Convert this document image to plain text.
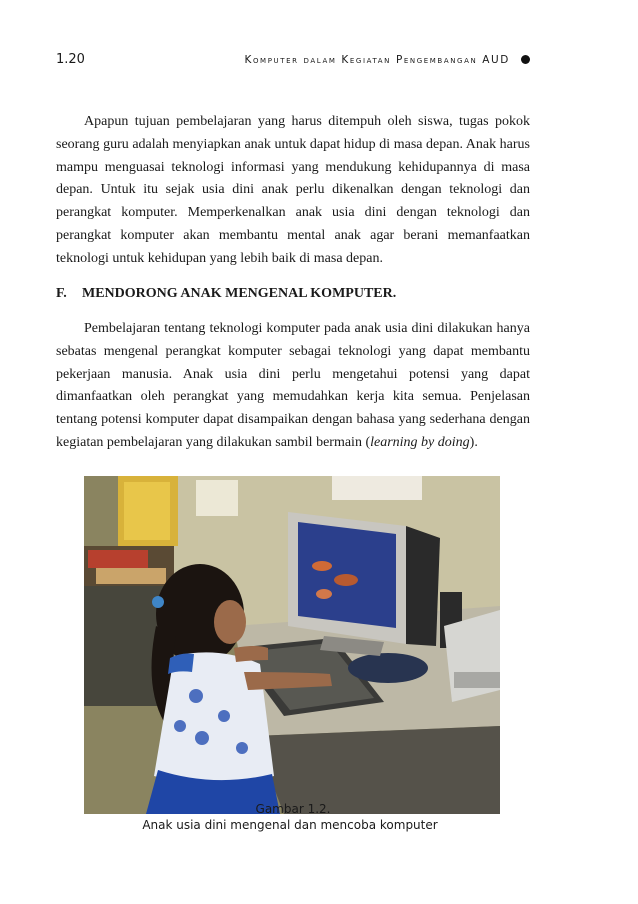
1.20	Komputer dalam Kegiatan Pengembangan AUD

Apapun tujuan pembelajaran yang harus ditempuh oleh siswa, tugas pokok seorang guru adalah menyiapkan anak untuk dapat hidup di masa depan. Anak harus mampu menguasai teknologi informasi yang mendukung kehidupannya di masa depan. Untuk itu sejak usia dini anak perlu dikenalkan dengan teknologi dan perangkat komputer. Memperkenalkan anak usia dini dengan teknologi dan perangkat komputer akan membantu mental anak agar berani memanfaatkan teknologi untuk kehidupan yang lebih baik di masa depan.

F.	MENDORONG ANAK MENGENAL KOMPUTER.

Pembelajaran tentang teknologi komputer pada anak usia dini dilakukan hanya sebatas mengenal perangkat komputer sebagai teknologi yang dapat membantu pekerjaan manusia. Anak usia dini perlu mengetahui potensi yang dapat dimanfaatkan oleh perangkat yang memudahkan kerja kita semua. Penjelasan tentang potensi komputer dapat disampaikan dengan bahasa yang sederhana dengan kegiatan pembelajaran yang dilakukan sambil bermain (learning by doing).

Gambar 1.2.
Anak usia dini mengenal dan mencoba komputer
